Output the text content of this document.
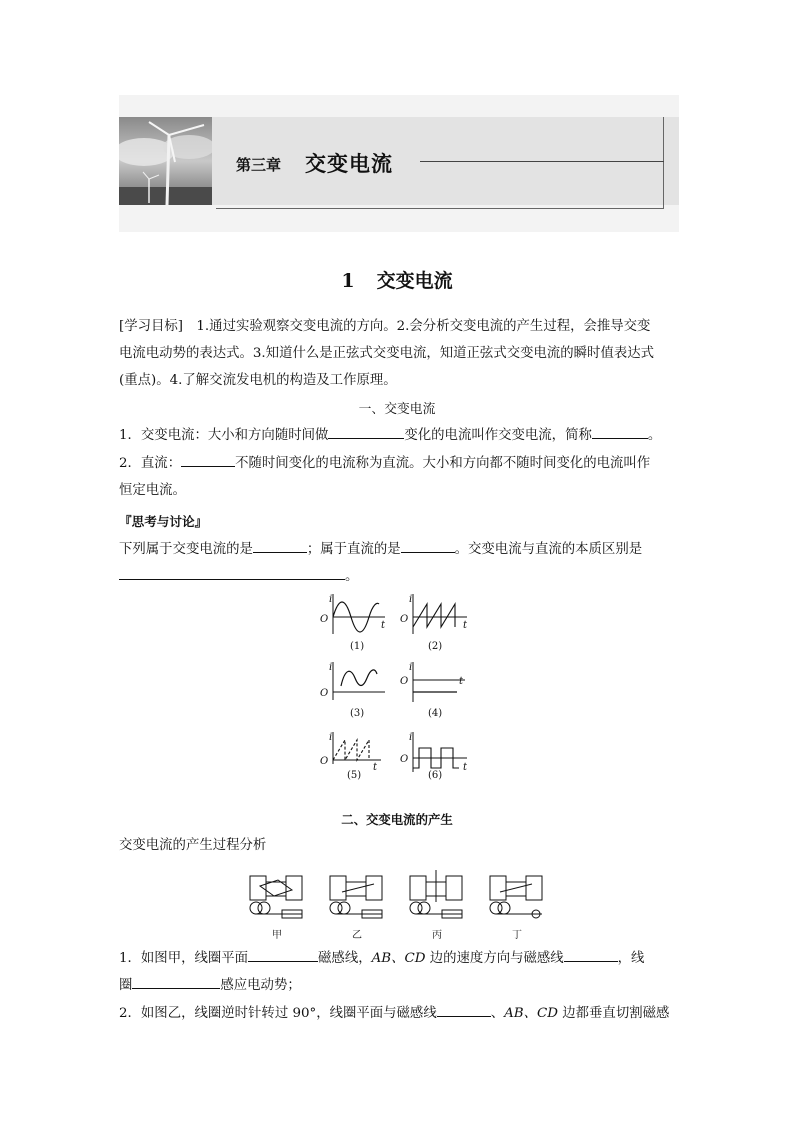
第三章 交变电流
1 交变电流
[学习目标]　1.通过实验观察交变电流的方向。2.会分析交变电流的产生过程，会推导交变
电流电动势的表达式。3.知道什么是正弦式交变电流，知道正弦式交变电流的瞬时值表达式
(重点)。4.了解交流发电机的构造及工作原理。
一、交变电流
1．交变电流：大小和方向随时间做	变化的电流叫作交变电流，简称	。
2．直流：	不随时间变化的电流称为直流。大小和方向都不随时间变化的电流叫作
恒定电流。
『思考与讨论』
下列属于交变电流的是	；属于直流的是	。交变电流与直流的本质区别是
。
i
O
t
i
O
t
i
O
i
O	t
i
O
t
i
O
t
(1)	(2)
(3)	(4)
(5)	(6)
二、交变电流的产生
交变电流的产生过程分析
甲	乙	丙	丁
1．如图甲，线圈平面	磁感线，AB、CD 边的速度方向与磁感线	，线
圈	感应电动势；
2．如图乙，线圈逆时针转过 90°，线圈平面与磁感线	、AB、CD 边都垂直切割磁感
